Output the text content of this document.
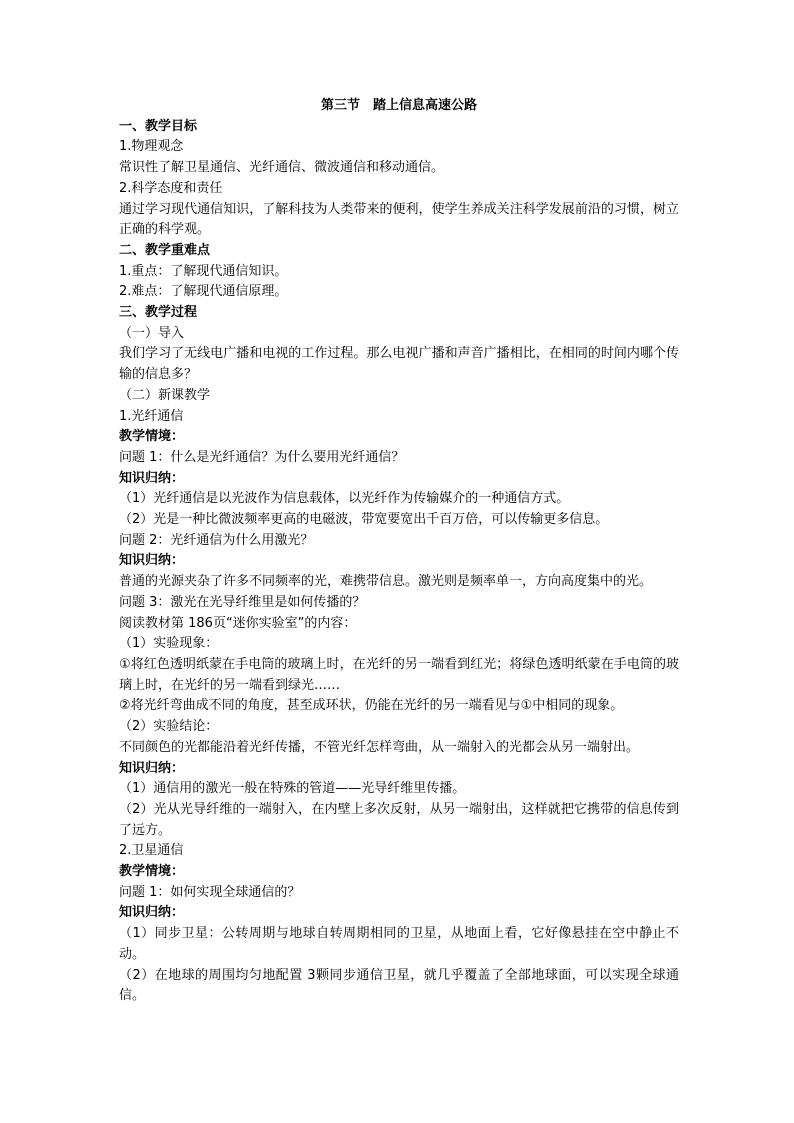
第三节　踏上信息高速公路
一、教学目标
1.物理观念
常识性了解卫星通信、光纤通信、微波通信和移动通信。
2.科学态度和责任
通过学习现代通信知识，了解科技为人类带来的便利，使学生养成关注科学发展前沿的习惯，树立正确的科学观。
二、教学重难点
1.重点：了解现代通信知识。
2.难点：了解现代通信原理。
三、教学过程
（一）导入
我们学习了无线电广播和电视的工作过程。那么电视广播和声音广播相比，在相同的时间内哪个传输的信息多？
（二）新课教学
1.光纤通信
教学情境：
问题 1：什么是光纤通信？为什么要用光纤通信？
知识归纳：
（1）光纤通信是以光波作为信息载体，以光纤作为传输媒介的一种通信方式。
（2）光是一种比微波频率更高的电磁波，带宽要宽出千百万倍，可以传输更多信息。
问题 2：光纤通信为什么用激光？
知识归纳：
普通的光源夹杂了许多不同频率的光，难携带信息。激光则是频率单一，方向高度集中的光。
问题 3：激光在光导纤维里是如何传播的？
阅读教材第 186页“迷你实验室”的内容：
（1）实验现象：
①将红色透明纸蒙在手电筒的玻璃上时，在光纤的另一端看到红光；将绿色透明纸蒙在手电筒的玻璃上时，在光纤的另一端看到绿光……
②将光纤弯曲成不同的角度，甚至成环状，仍能在光纤的另一端看见与①中相同的现象。
（2）实验结论：
不同颜色的光都能沿着光纤传播，不管光纤怎样弯曲，从一端射入的光都会从另一端射出。
知识归纳：
（1）通信用的激光一般在特殊的管道——光导纤维里传播。
（2）光从光导纤维的一端射入，在内壁上多次反射，从另一端射出，这样就把它携带的信息传到了远方。
2.卫星通信
教学情境：
问题 1：如何实现全球通信的？
知识归纳：
（1）同步卫星：公转周期与地球自转周期相同的卫星，从地面上看，它好像悬挂在空中静止不动。
（2）在地球的周围均匀地配置 3颗同步通信卫星，就几乎覆盖了全部地球面，可以实现全球通信。
